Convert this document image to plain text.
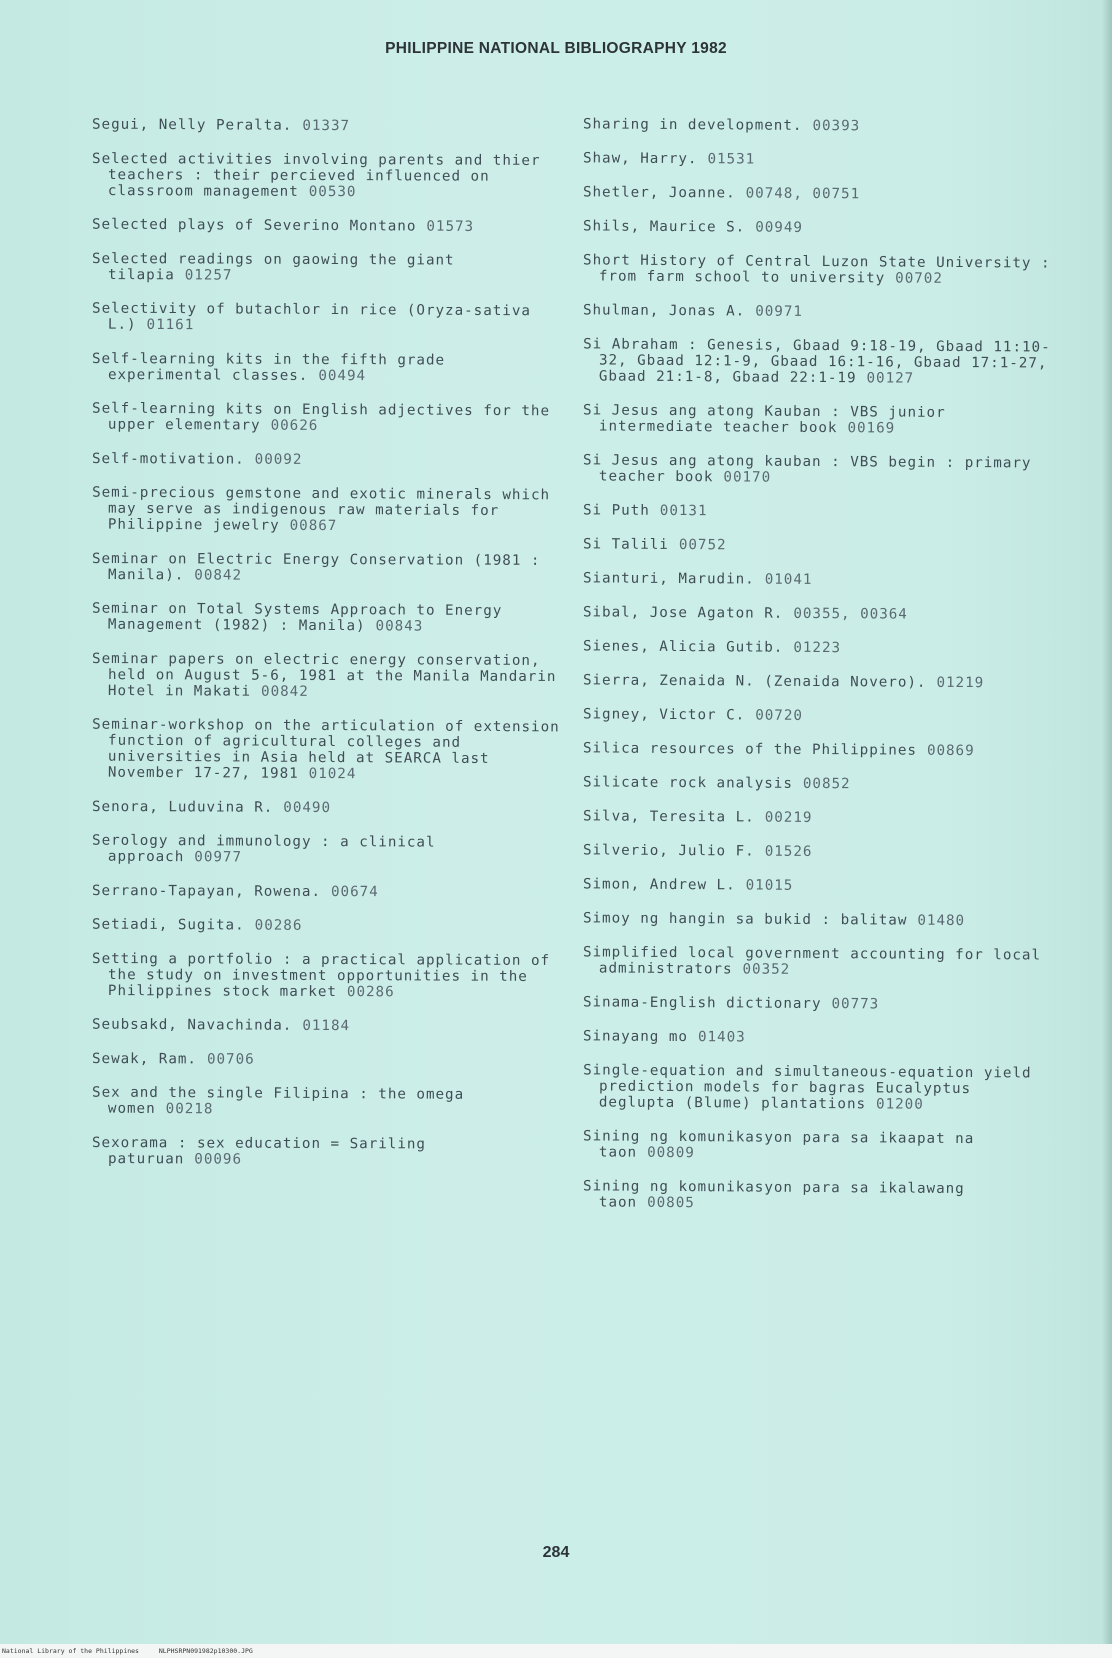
PHILIPPINE NATIONAL BIBLIOGRAPHY 1982
Segui, Nelly Peralta. 01337
Selected activities involving parents and thier teachers : their percieved influenced on classroom management 00530
Selected plays of Severino Montano 01573
Selected readings on gaowing the giant tilapia 01257
Selectivity of butachlor in rice (Oryza-sativa L.) 01161
Self-learning kits in the fifth grade experimental classes. 00494
Self-learning kits on English adjectives for the upper elementary 00626
Self-motivation. 00092
Semi-precious gemstone and exotic minerals which may serve as indigenous raw materials for Philippine jewelry 00867
Seminar on Electric Energy Conservation (1981 : Manila). 00842
Seminar on Total Systems Approach to Energy Management (1982) : Manila) 00843
Seminar papers on electric energy conservation, held on August 5-6, 1981 at the Manila Mandarin Hotel in Makati 00842
Seminar-workshop on the articulation of extension function of agricultural colleges and universities in Asia held at SEARCA last November 17-27, 1981 01024
Senora, Luduvina R. 00490
Serology and immunology : a clinical approach 00977
Serrano-Tapayan, Rowena. 00674
Setiadi, Sugita. 00286
Setting a portfolio : a practical application of the study on investment opportunities in the Philippines stock market 00286
Seubsakd, Navachinda. 01184
Sewak, Ram. 00706
Sex and the single Filipina : the omega women 00218
Sexorama : sex education = Sariling paturuan 00096
Sharing in development. 00393
Shaw, Harry. 01531
Shetler, Joanne. 00748, 00751
Shils, Maurice S. 00949
Short History of Central Luzon State University : from farm school to university 00702
Shulman, Jonas A. 00971
Si Abraham : Genesis, Gbaad 9:18-19, Gbaad 11:10-32, Gbaad 12:1-9, Gbaad 16:1-16, Gbaad 17:1-27, Gbaad 21:1-8, Gbaad 22:1-19 00127
Si Jesus ang atong Kauban : VBS junior intermediate teacher book 00169
Si Jesus ang atong kauban : VBS begin : primary teacher book 00170
Si Puth 00131
Si Talili 00752
Sianturi, Marudin. 01041
Sibal, Jose Agaton R. 00355, 00364
Sienes, Alicia Gutib. 01223
Sierra, Zenaida N. (Zenaida Novero). 01219
Signey, Victor C. 00720
Silica resources of the Philippines 00869
Silicate rock analysis 00852
Silva, Teresita L. 00219
Silverio, Julio F. 01526
Simon, Andrew L. 01015
Simoy ng hangin sa bukid : balitaw 01480
Simplified local government accounting for local administrators 00352
Sinama-English dictionary 00773
Sinayang mo 01403
Single-equation and simultaneous-equation yield prediction models for bagras Eucalyptus deglupta (Blume) plantations 01200
Sining ng komunikasyon para sa ikaapat na taon 00809
Sining ng komunikasyon para sa ikalawang taon 00805
284
National Library of the Philippines	NLPHSRPN091982p10300.JPG
